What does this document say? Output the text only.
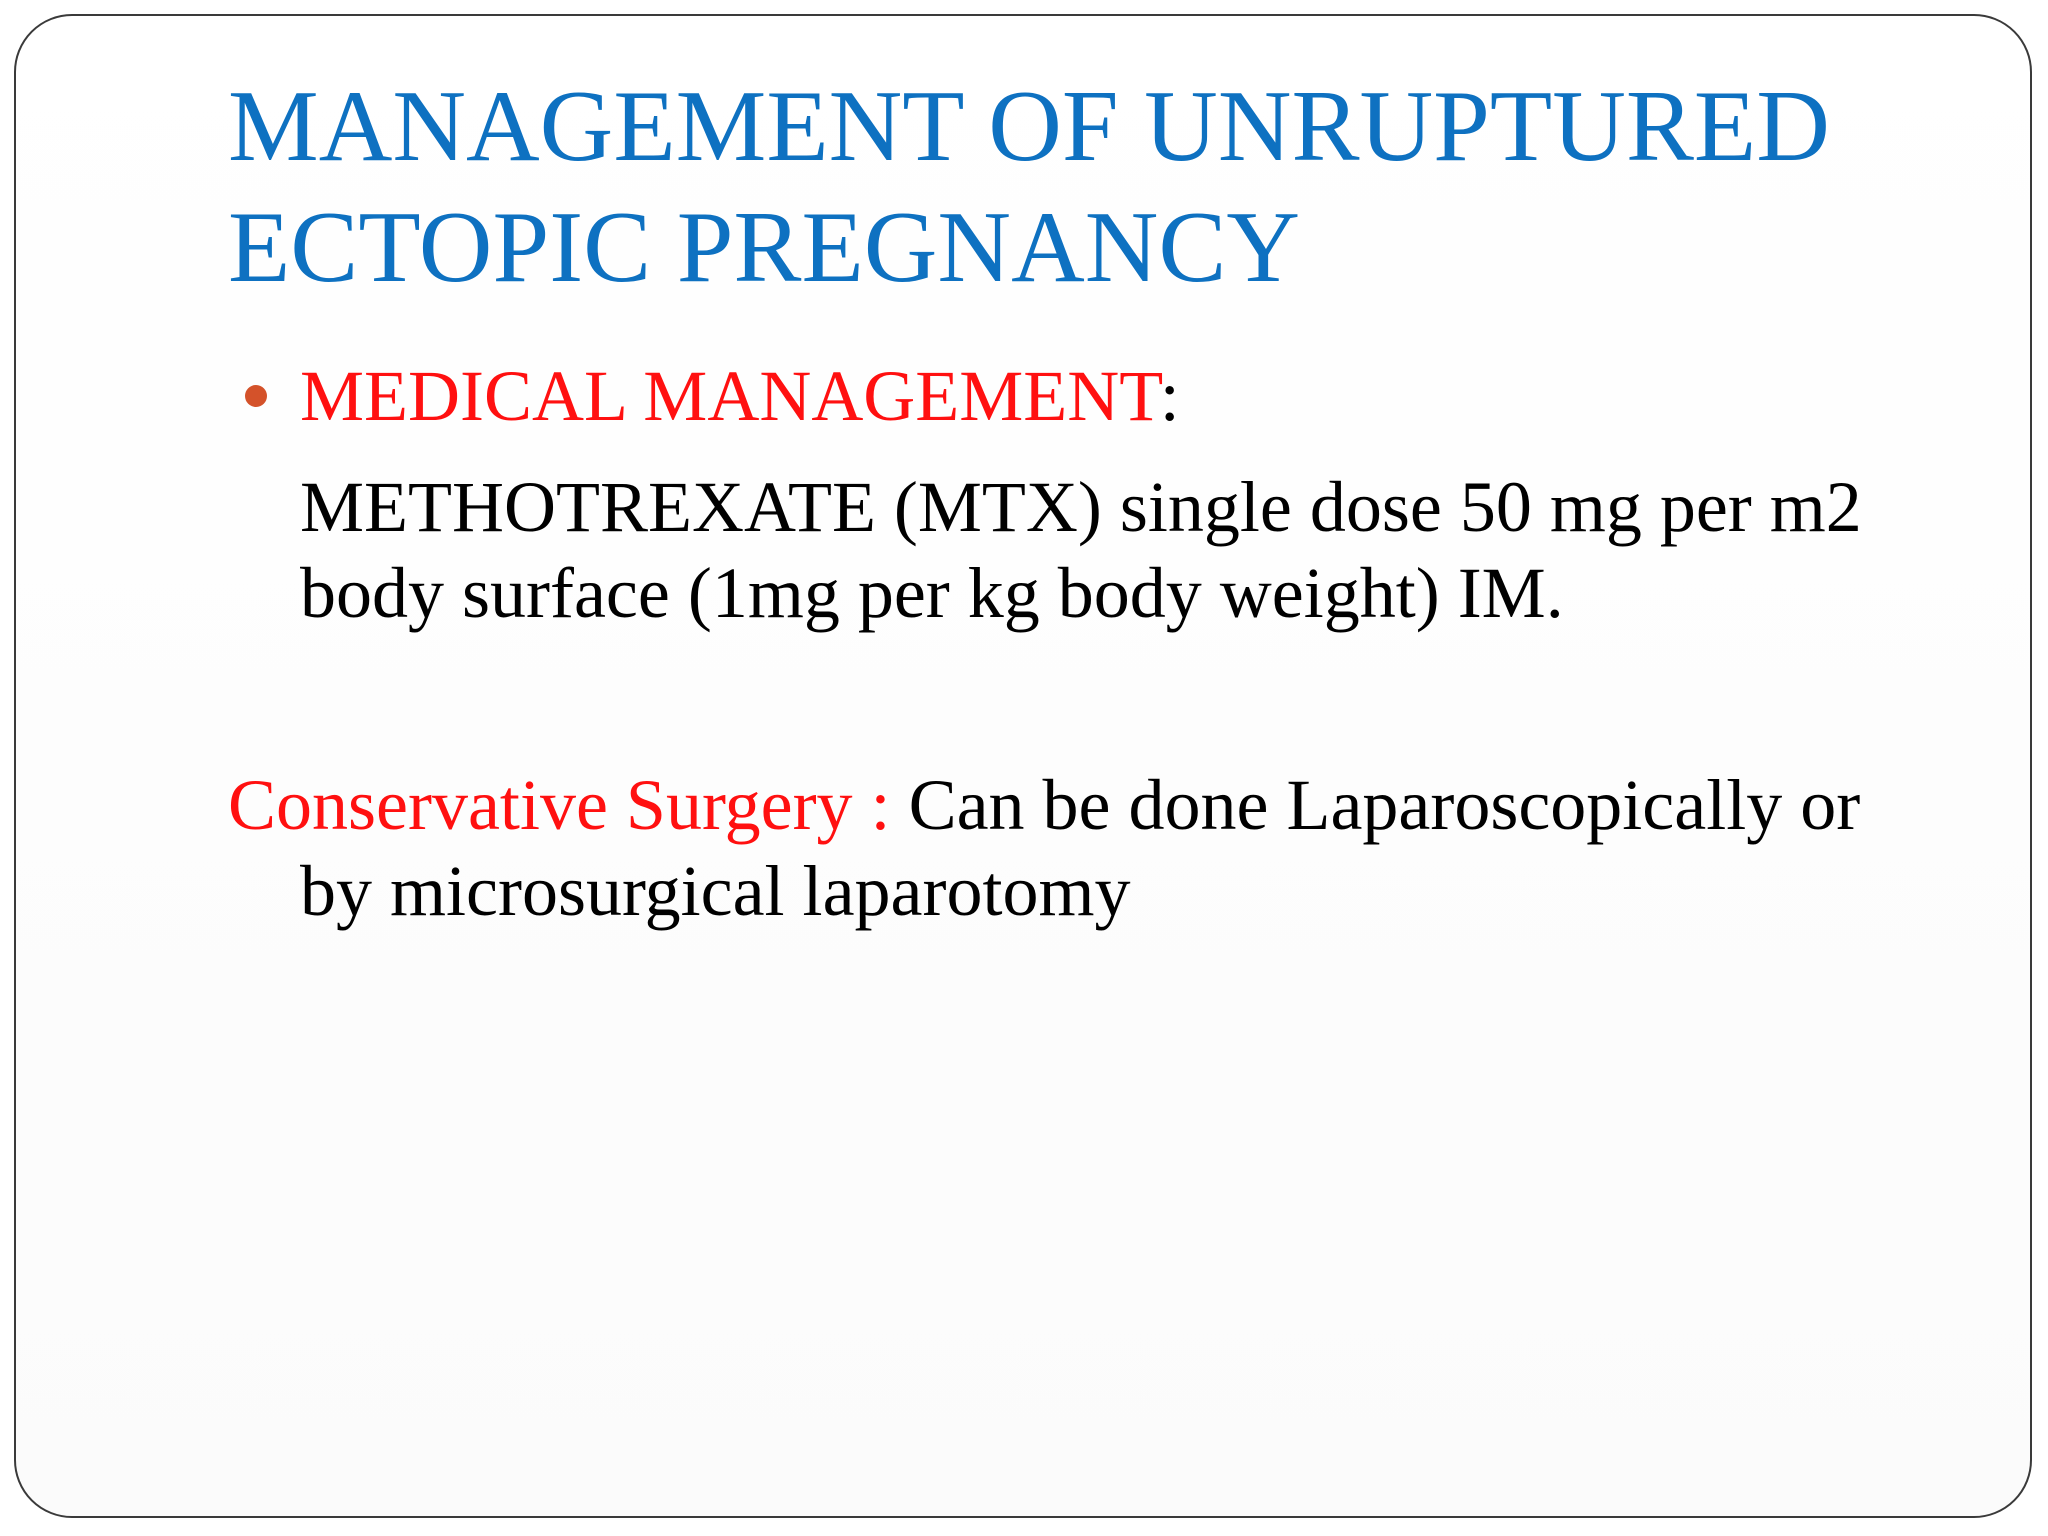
MANAGEMENT OF UNRUPTURED
ECTOPIC PREGNANCY
MEDICAL MANAGEMENT:
METHOTREXATE (MTX) single dose 50 mg per m2
body surface (1mg per kg body weight) IM.
Conservative Surgery : Can be done Laparoscopically or
by microsurgical laparotomy
